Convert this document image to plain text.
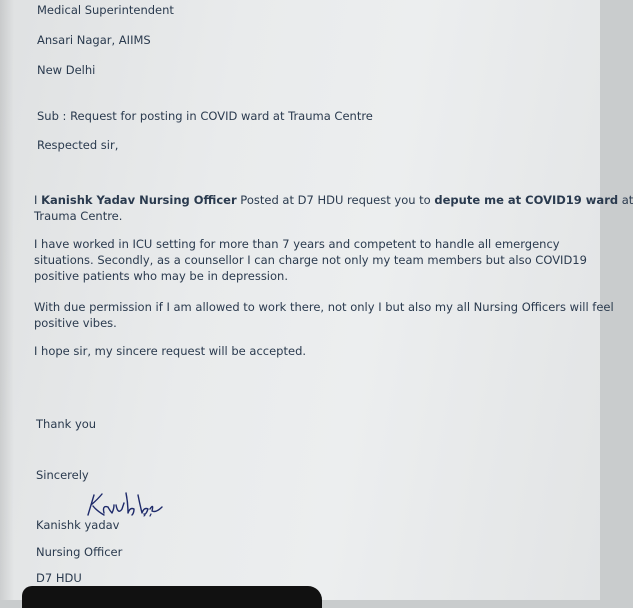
Medical Superintendent
Ansari Nagar, AIIMS
New Delhi
Sub : Request for posting in COVID ward at Trauma Centre
Respected sir,
I Kanishk Yadav Nursing Officer Posted at D7 HDU request you to depute me at COVID19 ward at
Trauma Centre.
I have worked in ICU setting for more than 7 years and competent to handle all emergency
situations. Secondly, as a counsellor I can charge not only my team members but also COVID19
positive patients who may be in depression.
With due permission if I am allowed to work there, not only I but also my all Nursing Officers will feel
positive vibes.
I hope sir, my sincere request will be accepted.
Thank you
Sincerely
Kanishk yadav
Nursing Officer
D7 HDU
